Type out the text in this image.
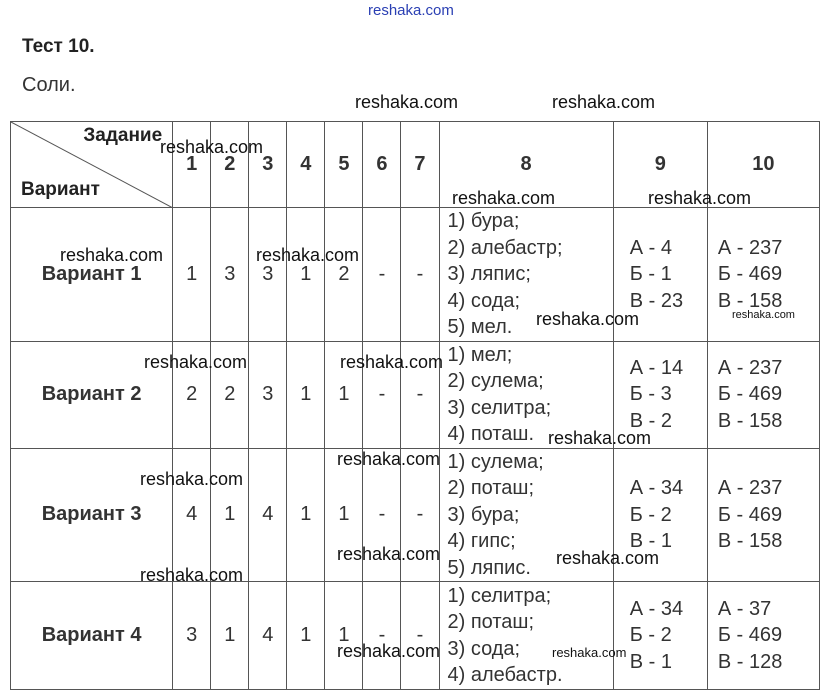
reshaka.com
Тест 10.
Соли.
Задание
Вариант	1	2	3	4	5	6	7	8	9	10
Вариант 1	1	3	3	1	2	-	-	1) бура;
2) алебастр;
3) ляпис;
4) сода;
5) мел.	А - 4
Б - 1
В - 23	А - 237
Б - 469
В - 158

Вариант 2	2	2	3	1	1	-	-	1) мел;
2) сулема;
3) селитра;
4) поташ.	А - 14
Б - 3
В - 2	А - 237
Б - 469
В - 158

Вариант 3	4	1	4	1	1	-	-	1) сулема;
2) поташ;
3) бура;
4) гипс;
5) ляпис.	А - 34
Б - 2
В - 1	А - 237
Б - 469
В - 158

Вариант 4	3	1	4	1	1	-	-	1) селитра;
2) поташ;
3) сода;
4) алебастр.	А - 34
Б - 2
В - 1	А - 37
Б - 469
В - 128
reshaka.com	reshaka.com
reshaka.com
reshaka.com	reshaka.com
reshaka.com	reshaka.com
reshaka.com	reshaka.com
reshaka.com	reshaka.com
reshaka.com
reshaka.com
reshaka.com
reshaka.com	reshaka.com
reshaka.com
reshaka.com
reshaka.com
